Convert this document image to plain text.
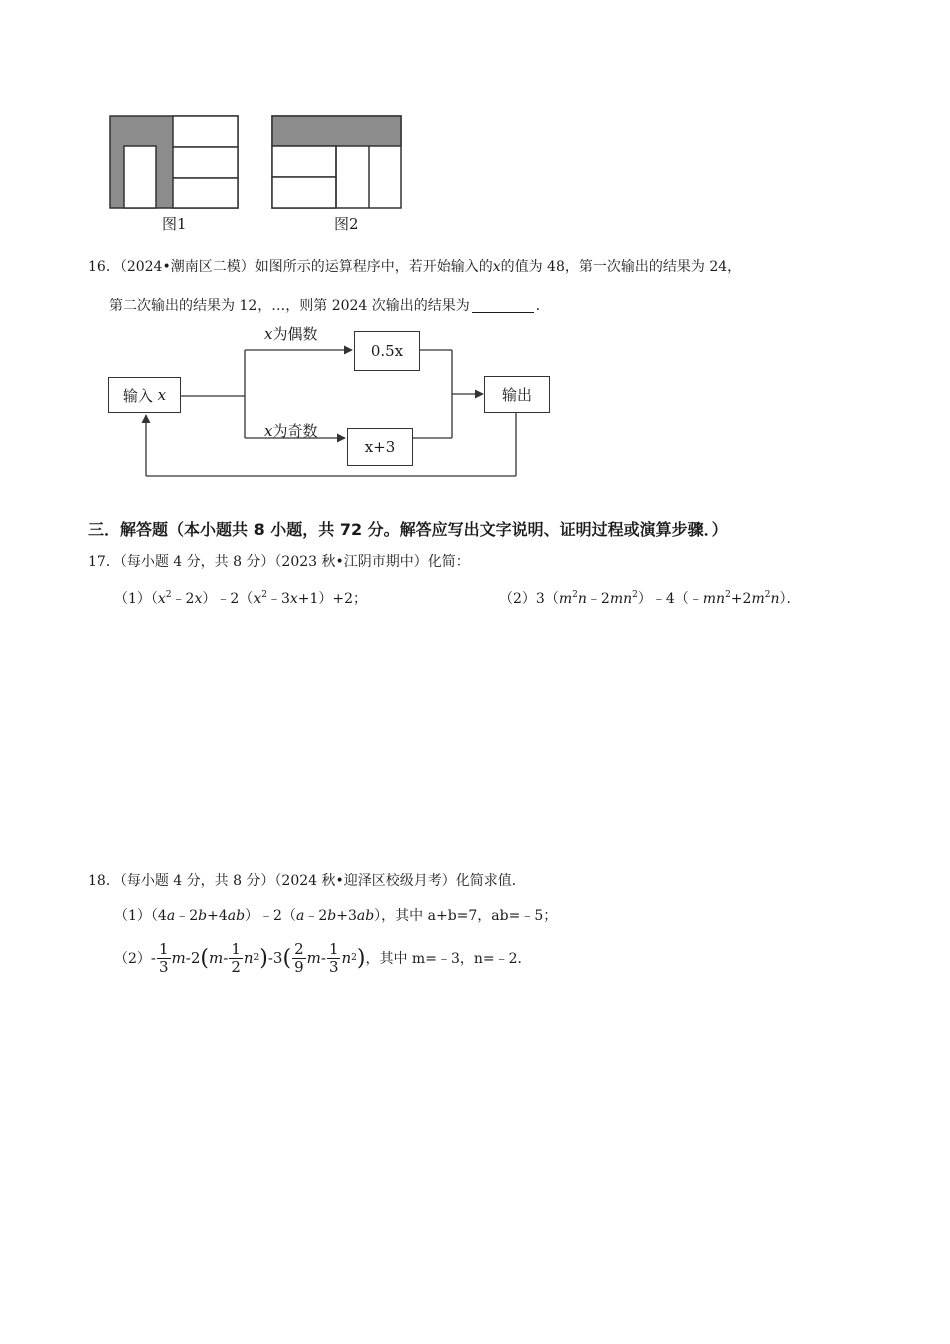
图1	图2
16．（2024•潮南区二模）如图所示的运算程序中，若开始输入的x的值为 48，第一次输出的结果为 24，
第二次输出的结果为 12，…，则第 2024 次输出的结果为	．
输入
x
x为偶数
0.5x
x为奇数
x+3
输出
三．解答题（本小题共 8 小题，共 72 分。解答应写出文字说明、证明过程或演算步骤．）
17．（每小题 4 分，共 8 分）（2023 秋•江阴市期中）化简：
$(1)(x^2﹣2x)﹣2(x^2﹣3x+1)+2$；	$(2)3(m^2n﹣2mn^2)﹣4(﹣mn^2+2m^2n)$．
18．（每小题 4 分，共 8 分）（2024 秋•迎泽区校级月考）化简求值．
（1）（4a﹣2b+4ab）﹣2（a﹣2b+3ab），其中 a+b=7，ab=﹣5；
$(2) - \frac{1}{3}$ m -2 ( m - $\frac{1}{2}$ n 2 ) -3 ( $\frac{2}{9}$ m - $\frac{1}{3}$ n 2 ) ，其中 m=﹣3，n=﹣2．
